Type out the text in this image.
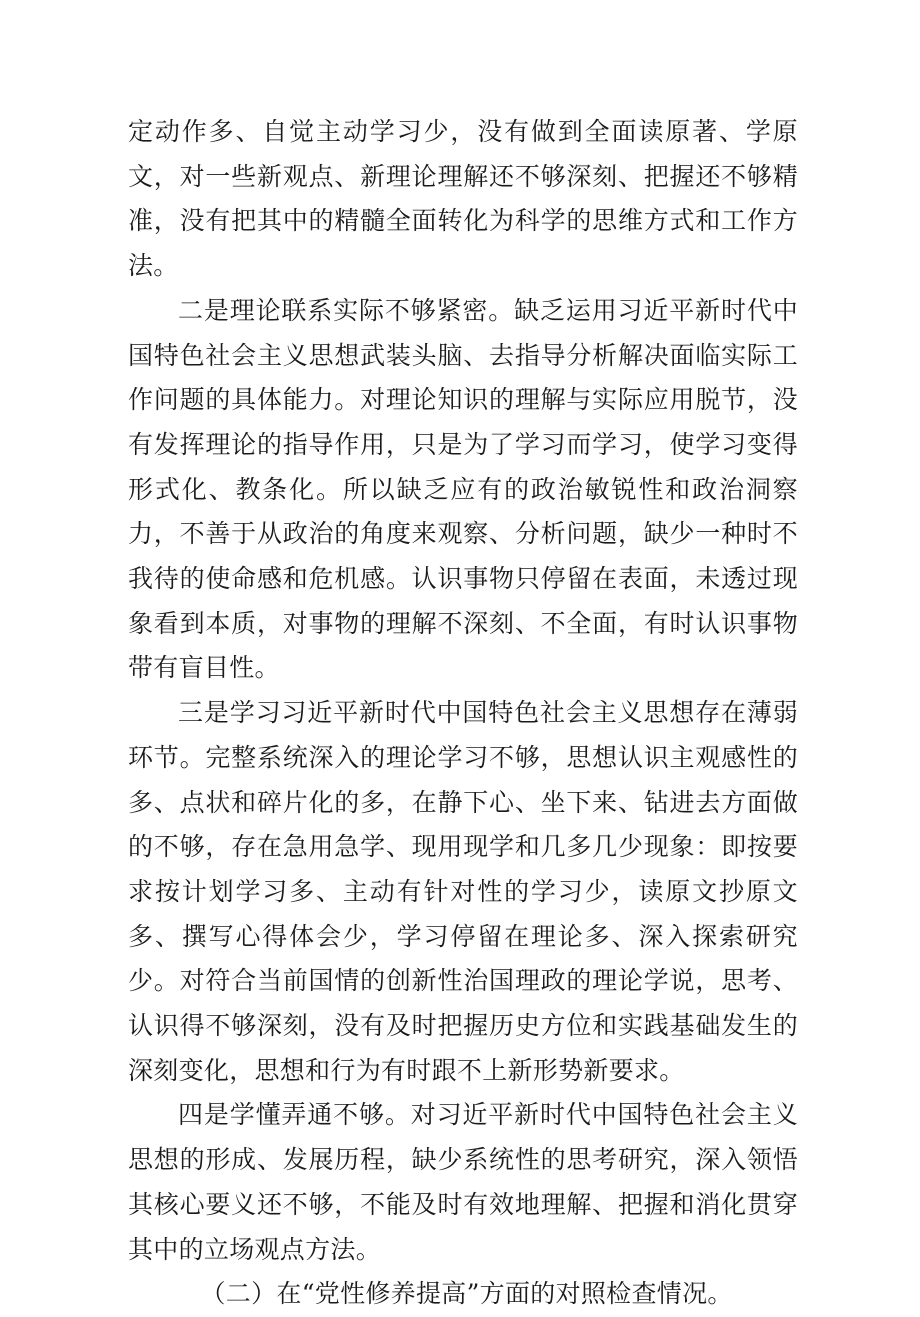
定动作多、自觉主动学习少，没有做到全面读原著、学原文，对一些新观点、新理论理解还不够深刻、把握还不够精准，没有把其中的精髓全面转化为科学的思维方式和工作方法。

二是理论联系实际不够紧密。缺乏运用习近平新时代中国特色社会主义思想武装头脑、去指导分析解决面临实际工作问题的具体能力。对理论知识的理解与实际应用脱节，没有发挥理论的指导作用，只是为了学习而学习，使学习变得形式化、教条化。所以缺乏应有的政治敏锐性和政治洞察力，不善于从政治的角度来观察、分析问题，缺少一种时不我待的使命感和危机感。认识事物只停留在表面，未透过现象看到本质，对事物的理解不深刻、不全面，有时认识事物带有盲目性。

三是学习习近平新时代中国特色社会主义思想存在薄弱环节。完整系统深入的理论学习不够，思想认识主观感性的多、点状和碎片化的多，在静下心、坐下来、钻进去方面做的不够，存在急用急学、现用现学和几多几少现象：即按要求按计划学习多、主动有针对性的学习少，读原文抄原文多、撰写心得体会少，学习停留在理论多、深入探索研究少。对符合当前国情的创新性治国理政的理论学说，思考、认识得不够深刻，没有及时把握历史方位和实践基础发生的深刻变化，思想和行为有时跟不上新形势新要求。

四是学懂弄通不够。对习近平新时代中国特色社会主义思想的形成、发展历程，缺少系统性的思考研究，深入领悟其核心要义还不够，不能及时有效地理解、把握和消化贯穿其中的立场观点方法。

（二）在“党性修养提高”方面的对照检查情况。
